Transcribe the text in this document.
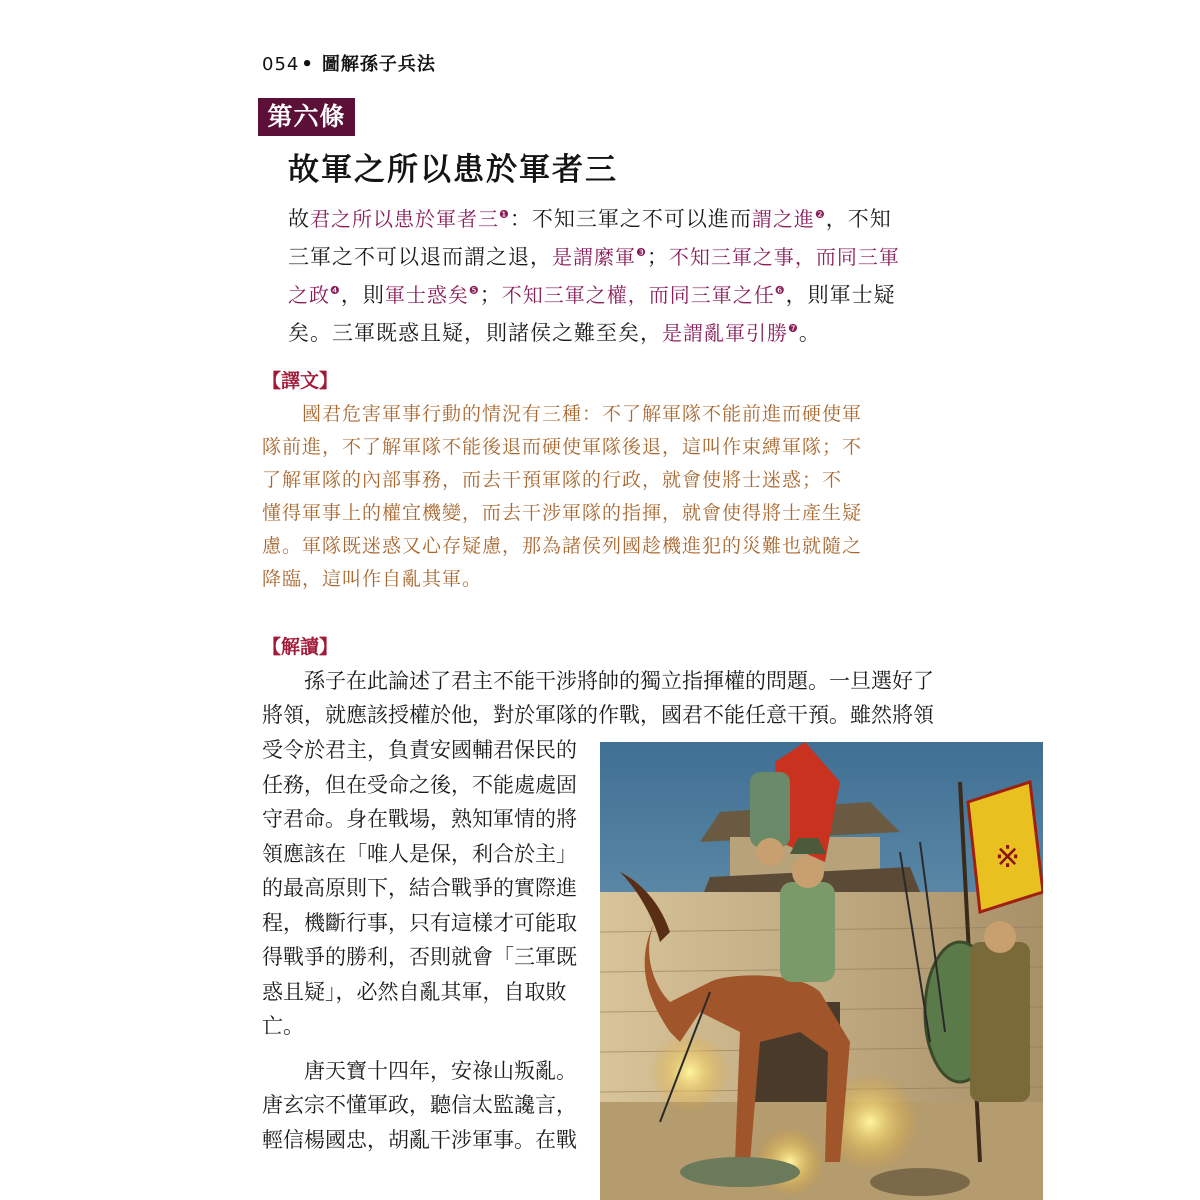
054 • 圖解孫子兵法
第六條
故軍之所以患於軍者三
故君之所以患於軍者三$^❶$：不知三軍之不可以進而謂之進$^❷$，不知
三軍之不可以退而謂之退，是謂縻軍$^❸$；不知三軍之事，而同三軍
之政$^❹$，則軍士惑矣$^❺$；不知三軍之權，而同三軍之任$^❻$，則軍士疑
矣。三軍既惑且疑，則諸侯之難至矣，是謂亂軍引勝$^❼$。
【譯文】
　　國君危害軍事行動的情況有三種：不了解軍隊不能前進而硬使軍
隊前進，不了解軍隊不能後退而硬使軍隊後退，這叫作束縛軍隊；不
了解軍隊的內部事務，而去干預軍隊的行政，就會使將士迷惑；不
懂得軍事上的權宜機變，而去干涉軍隊的指揮，就會使得將士產生疑
慮。軍隊既迷惑又心存疑慮，那為諸侯列國趁機進犯的災難也就隨之
降臨，這叫作自亂其軍。
【解讀】
　　孫子在此論述了君主不能干涉將帥的獨立指揮權的問題。一旦選好了
將領，就應該授權於他，對於軍隊的作戰，國君不能任意干預。雖然將領
受令於君主，負責安國輔君保民的
任務，但在受命之後，不能處處固
守君命。身在戰場，熟知軍情的將
領應該在「唯人是保，利合於主」
的最高原則下，結合戰爭的實際進
程，機斷行事，只有這樣才可能取
得戰爭的勝利，否則就會「三軍既
惑且疑」，必然自亂其軍，自取敗
亡。
　　唐天寶十四年，安祿山叛亂。
唐玄宗不懂軍政，聽信太監讒言，
輕信楊國忠，胡亂干涉軍事。在戰
※
